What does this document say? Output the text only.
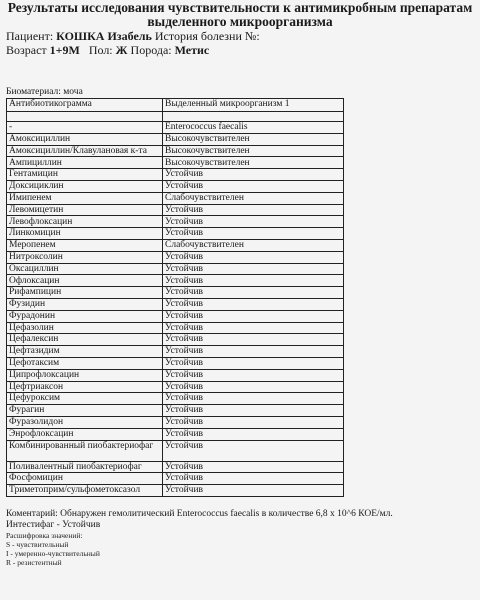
Результаты исследования чувствительности к антимикробным препаратам выделенного микроорганизма
Пациент: КОШКА Изабель История болезни №:
Возраст 1+9M Пол: Ж Порода: Метис
Биоматериал: моча
Антибиотикограмма	Выделенный микроорганизм 1

-	Enterococcus faecalis
Амоксициллин	Высокочувствителен
Амоксициллин/Клавулановая к-та	Высокочувствителен
Ампициллин	Высокочувствителен
Гентамицин	Устойчив
Доксициклин	Устойчив
Имипенем	Слабочувствителен
Левомицетин	Устойчив
Левофлоксацин	Устойчив
Линкомицин	Устойчив
Меропенем	Слабочувствителен
Нитроксолин	Устойчив
Оксациллин	Устойчив
Офлоксацин	Устойчив
Рифампицин	Устойчив
Фузидин	Устойчив
Фурадонин	Устойчив
Цефазолин	Устойчив
Цефалексин	Устойчив
Цефтазидим	Устойчив
Цефотаксим	Устойчив
Ципрофлоксацин	Устойчив
Цефтриаксон	Устойчив
Цефуроксим	Устойчив
Фурагин	Устойчив
Фуразолидон	Устойчив
Энрофлоксацин	Устойчив
Комбинированный пиобактериофаг	Устойчив
Поливалентный пиобактериофаг	Устойчив
Фосфомицин	Устойчив
Триметоприм/сульфометоксазол	Устойчив
Коментарий: Обнаружен гемолитический Enterococcus faecalis в количестве 6,8 х 10^6 КОЕ/мл.
Интестифаг - Устойчив
Расшифровка значений:
S - чувствительный
I - умеренно-чувствительный
R - резистентный
